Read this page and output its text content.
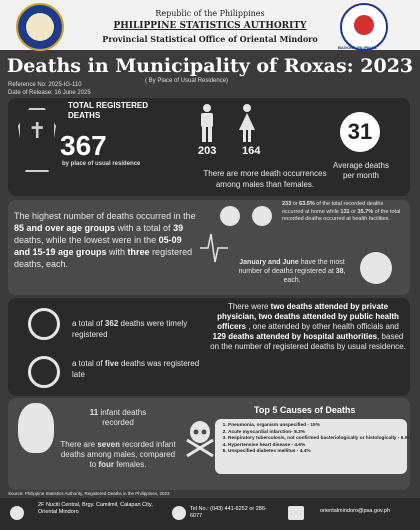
BAGONG PILIPINAS
Republic of the Philippines
PHILIPPINE STATISTICS AUTHORITY
Provincial Statistical Office of Oriental Mindoro
Deaths in Municipality of Roxas: 2023
( By Place of Usual Residence)
Reference No: 2025-IG-110
Date of Release: 16 June 2025
✝
TOTAL REGISTERED DEATHS
367
by place of usual residence
203 164
There are more death occurrences among males than females.
31
Average deaths per month
The highest number of deaths occurred in the 85 and over age groups with a total of 39 deaths, while the lowest were in the 05-09 and 15-19 age groups with three registered deaths, each.
233 or 63.5% of the total recorded deaths occurred at home while 131 or 35.7% of the total recorded deaths occurred at health facilities.
January and June have the most number of deaths registered at 38, each.
a total of 362 deaths were timely registered
a total of five deaths was registered late
There were two deaths attended by private physician, two deaths attended by public health officers , one attended by other health officials and 129 deaths attended by hospital authorities, based on the number of registered deaths by usual residence.
11 infant deaths recorded
There are seven recorded infant deaths among males, compared to four females.
Top 5 Causes of Deaths
1. Pneumonia, organism unspecified - 15%
2. Acute myocardial infarction- 8.2%
3. Respiratory tuberculosis, not confirmed bacteriologically or histologically - 6.0%
4. Hypertensive heart disease - 4.6%
5. Unspecified diabetes mellitus - 4.4%
Source: Philippine Statistics Authority, Registered Deaths in the Philippines, 2023
2F Nuciti Central, Brgy. Camilmil, Calapan City, Oriental Mindoro	Tel No.: (043) 441-6252 or 286-6077
orientalmindoro@psa.gov.ph
